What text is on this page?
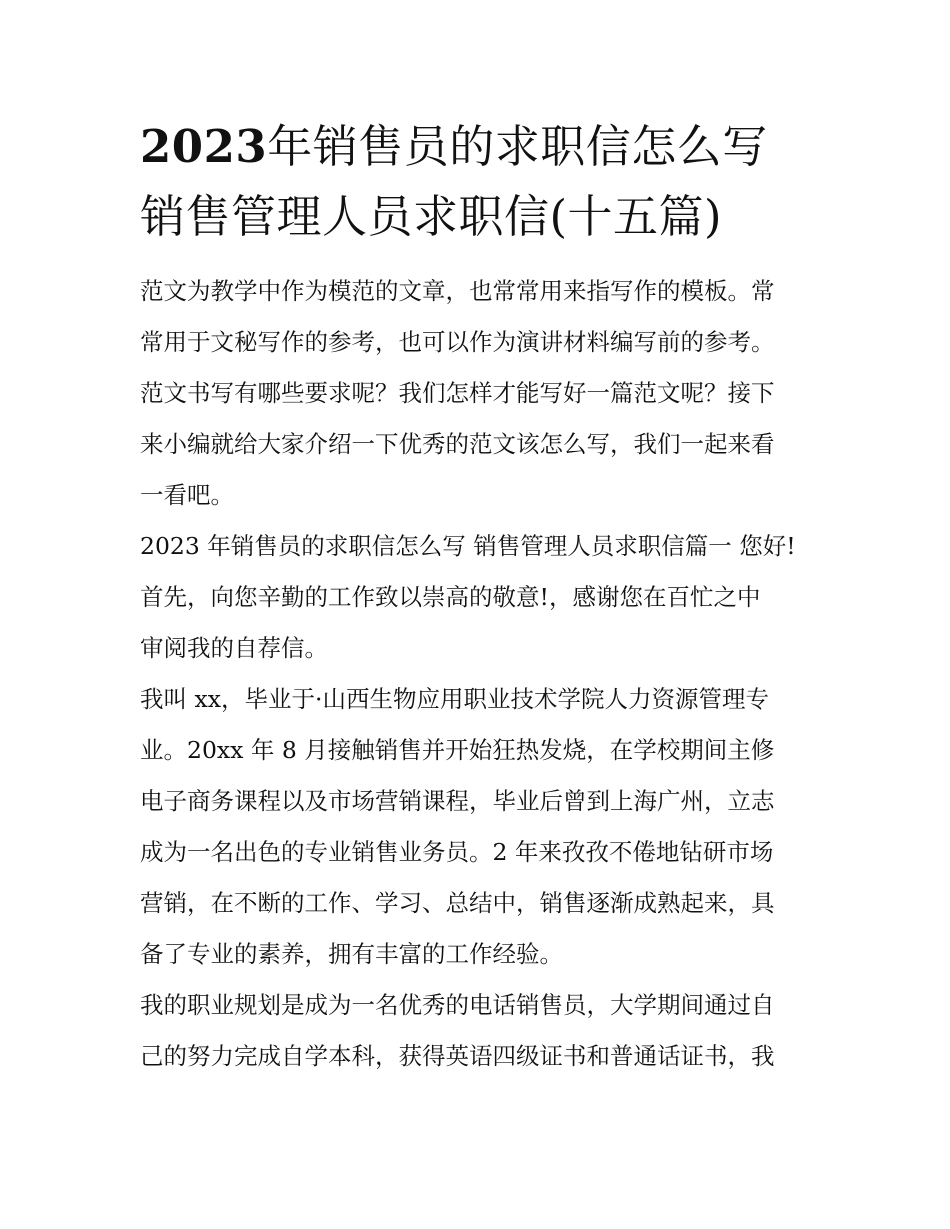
2023年销售员的求职信怎么写
销售管理人员求职信(十五篇)

范文为教学中作为模范的文章，也常常用来指写作的模板。常
常用于文秘写作的参考，也可以作为演讲材料编写前的参考。
范文书写有哪些要求呢？我们怎样才能写好一篇范文呢？接下
来小编就给大家介绍一下优秀的范文该怎么写，我们一起来看
一看吧。

2023 年销售员的求职信怎么写 销售管理人员求职信篇一 您好!
首先，向您辛勤的工作致以崇高的敬意!，感谢您在百忙之中
审阅我的自荐信。

我叫 xx，毕业于·山西生物应用职业技术学院人力资源管理专
业。20xx 年 8 月接触销售并开始狂热发烧，在学校期间主修
电子商务课程以及市场营销课程，毕业后曾到上海广州，立志
成为一名出色的专业销售业务员。2 年来孜孜不倦地钻研市场
营销，在不断的工作、学习、总结中，销售逐渐成熟起来，具
备了专业的素养，拥有丰富的工作经验。

我的职业规划是成为一名优秀的电话销售员，大学期间通过自
己的努力完成自学本科，获得英语四级证书和普通话证书，我
